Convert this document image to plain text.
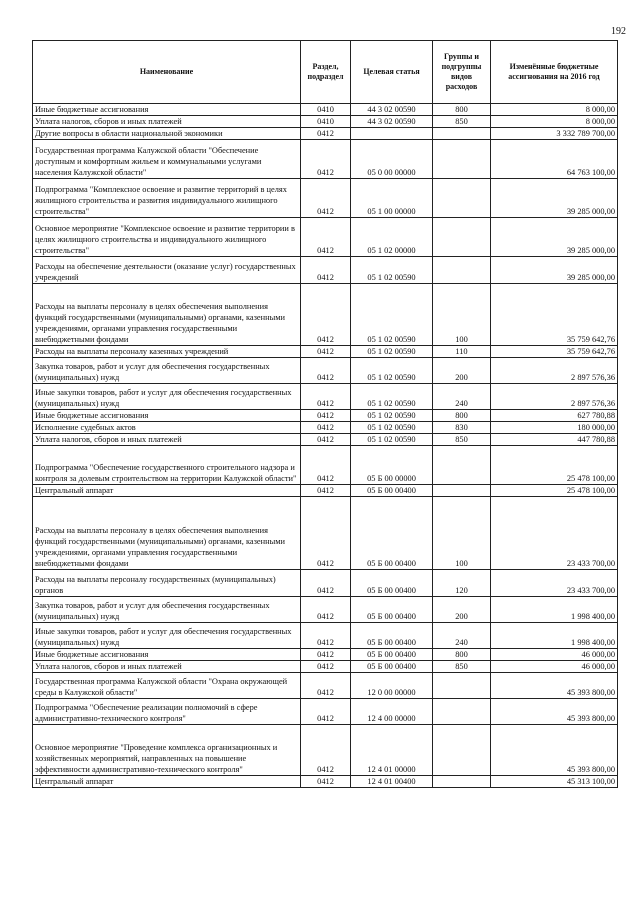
192
Наименование	Раздел, подраздел	Целевая статья	Группы и подгруппы видов расходов	Изменённые бюджетные ассигнования на 2016 год
Иные бюджетные ассигнования	0410	44 3 02 00590	800	8 000,00
Уплата налогов, сборов и иных платежей	0410	44 3 02 00590	850	8 000,00
Другие вопросы в области национальной экономики	0412			3 332 789 700,00
Государственная программа Калужской области "Обеспечение доступным и комфортным жильем и коммунальными услугами населения Калужской области"	0412	05 0 00 00000		64 763 100,00
Подпрограмма "Комплексное освоение и развитие территорий в целях жилищного строительства и развития индивидуального жилищного строительства"	0412	05 1 00 00000		39 285 000,00
Основное мероприятие "Комплексное освоение и развитие территории в целях жилищного строительства и индивидуального жилищного строительства"	0412	05 1 02 00000		39 285 000,00
Расходы на обеспечение деятельности (оказание услуг) государственных учреждений	0412	05 1 02 00590		39 285 000,00
Расходы на выплаты персоналу в целях обеспечения выполнения функций государственными (муниципальными) органами, казенными учреждениями, органами управления государственными внебюджетными фондами	0412	05 1 02 00590	100	35 759 642,76
Расходы на выплаты персоналу казенных учреждений	0412	05 1 02 00590	110	35 759 642,76
Закупка товаров, работ и услуг для обеспечения государственных (муниципальных) нужд	0412	05 1 02 00590	200	2 897 576,36
Иные закупки товаров, работ и услуг для обеспечения государственных (муниципальных) нужд	0412	05 1 02 00590	240	2 897 576,36
Иные бюджетные ассигнования	0412	05 1 02 00590	800	627 780,88
Исполнение судебных актов	0412	05 1 02 00590	830	180 000,00
Уплата налогов, сборов и иных платежей	0412	05 1 02 00590	850	447 780,88
Подпрограмма "Обеспечение государственного строительного надзора и контроля за долевым строительством на территории Калужской области"	0412	05 Б 00 00000		25 478 100,00
Центральный аппарат	0412	05 Б 00 00400		25 478 100,00
Расходы на выплаты персоналу в целях обеспечения выполнения функций государственными (муниципальными) органами, казенными учреждениями, органами управления государственными внебюджетными фондами	0412	05 Б 00 00400	100	23 433 700,00
Расходы на выплаты персоналу государственных (муниципальных) органов	0412	05 Б 00 00400	120	23 433 700,00
Закупка товаров, работ и услуг для обеспечения государственных (муниципальных) нужд	0412	05 Б 00 00400	200	1 998 400,00
Иные закупки товаров, работ и услуг для обеспечения государственных (муниципальных) нужд	0412	05 Б 00 00400	240	1 998 400,00
Иные бюджетные ассигнования	0412	05 Б 00 00400	800	46 000,00
Уплата налогов, сборов и иных платежей	0412	05 Б 00 00400	850	46 000,00
Государственная программа Калужской области "Охрана окружающей среды в Калужской области"	0412	12 0 00 00000		45 393 800,00
Подпрограмма "Обеспечение реализации полномочий в сфере административно-технического контроля"	0412	12 4 00 00000		45 393 800,00
Основное мероприятие "Проведение комплекса организационных и хозяйственных мероприятий, направленных на повышение эффективности административно-технического контроля"	0412	12 4 01 00000		45 393 800,00
Центральный аппарат	0412	12 4 01 00400		45 313 100,00
